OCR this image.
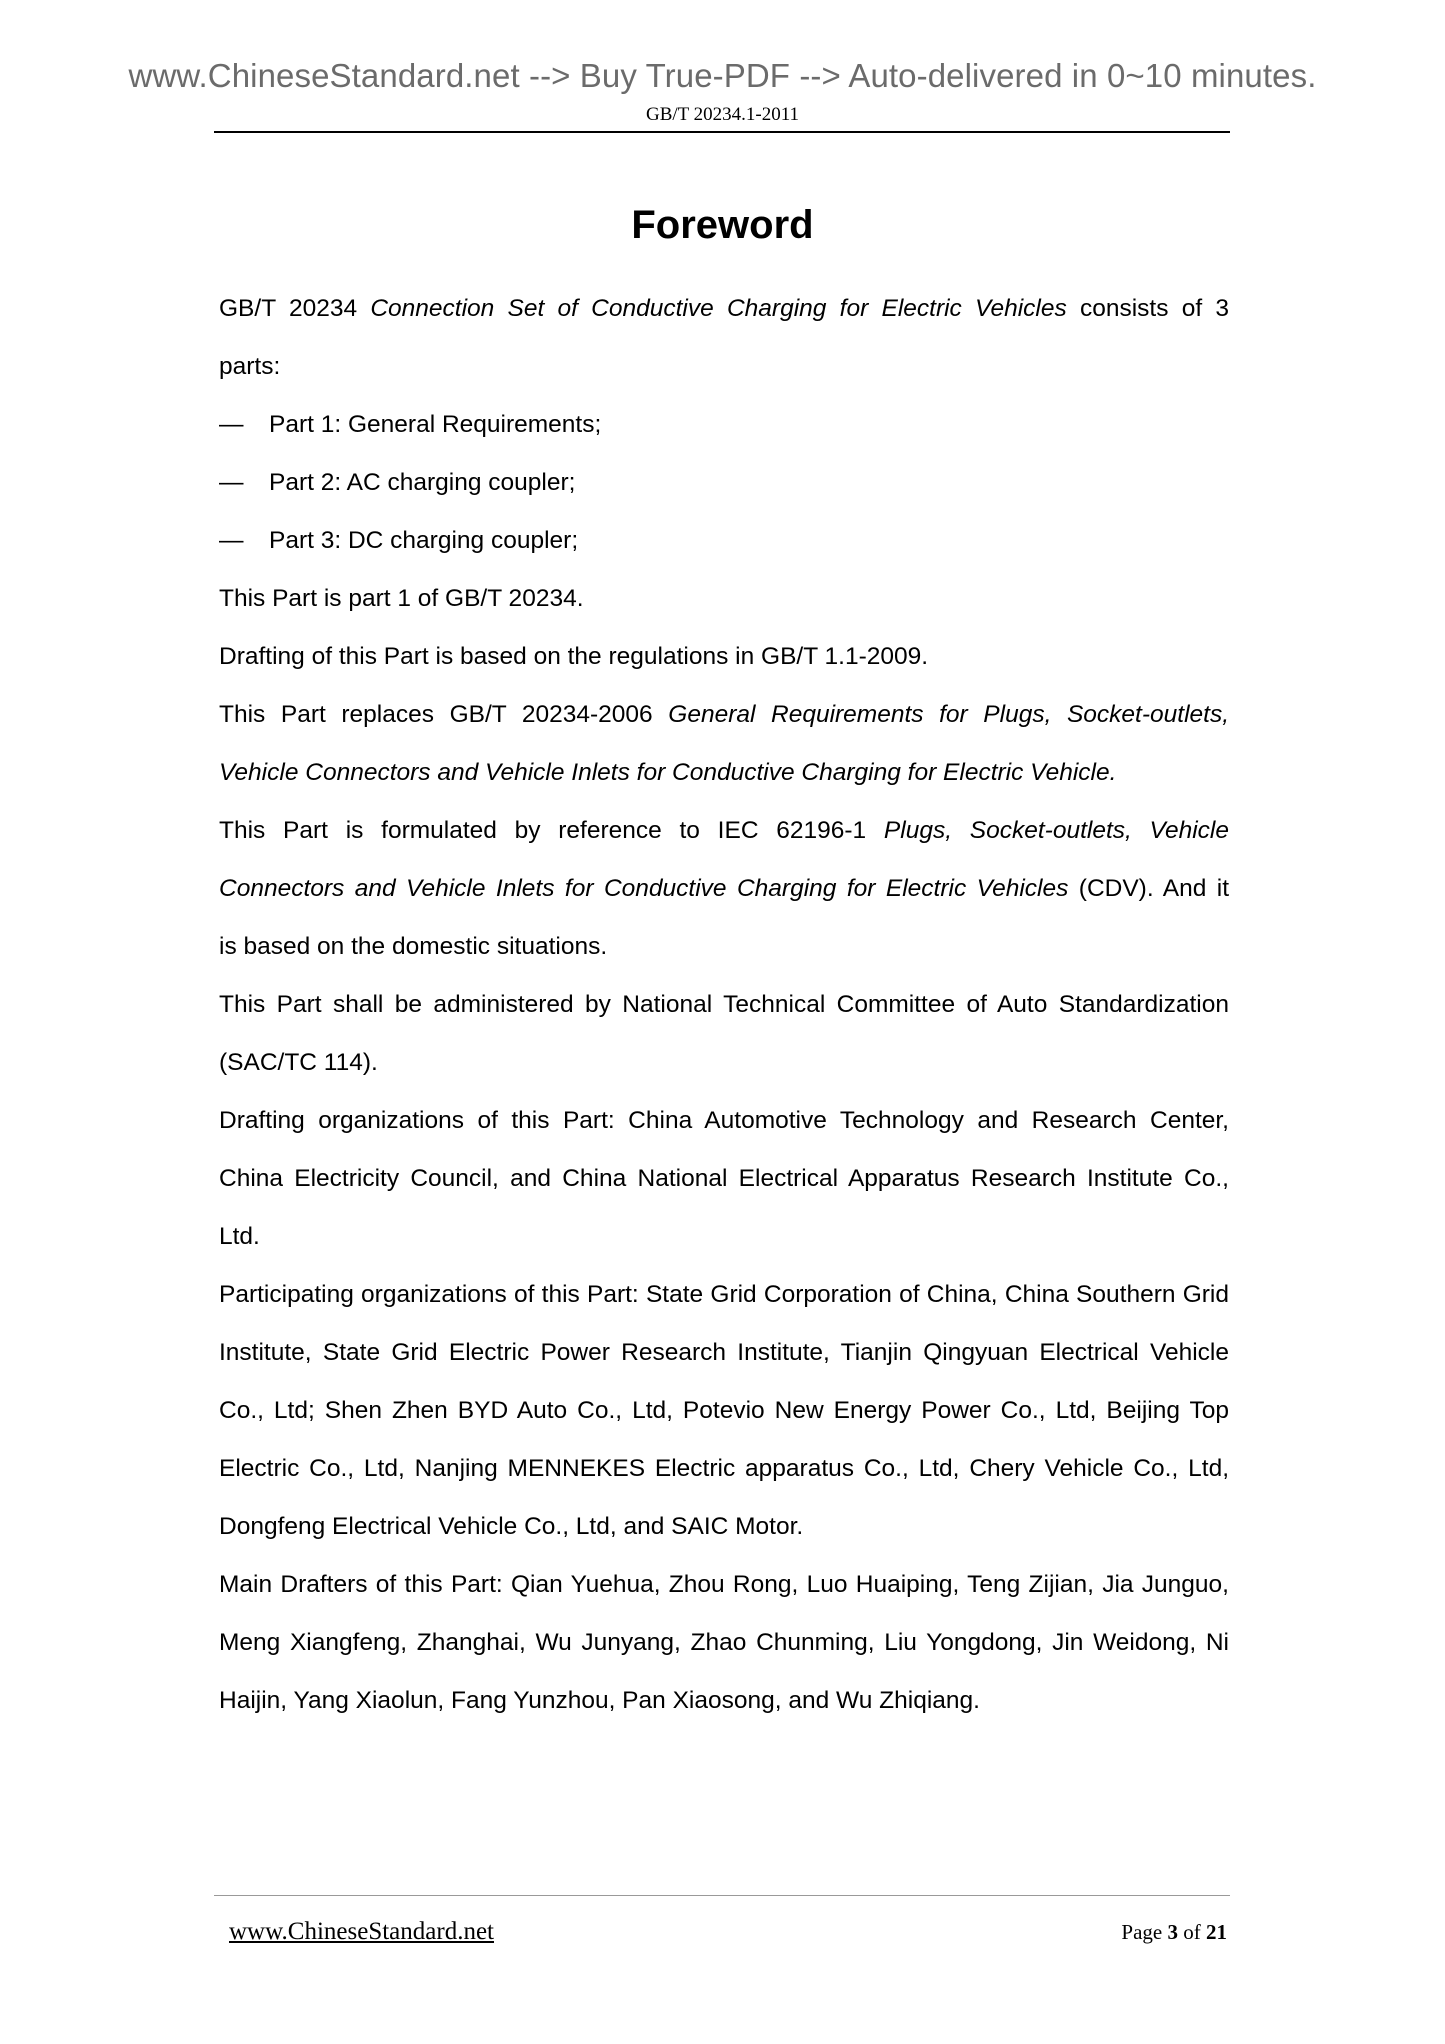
www.ChineseStandard.net --> Buy True-PDF --> Auto-delivered in 0~10 minutes.
GB/T 20234.1-2011
Foreword

GB/T 20234 Connection Set of Conductive Charging for Electric Vehicles consists of 3

parts:

— Part 1: General Requirements;

— Part 2: AC charging coupler;

— Part 3: DC charging coupler;

This Part is part 1 of GB/T 20234.

Drafting of this Part is based on the regulations in GB/T 1.1-2009.

This Part replaces GB/T 20234-2006 General Requirements for Plugs, Socket-outlets,

Vehicle Connectors and Vehicle Inlets for Conductive Charging for Electric Vehicle.

This Part is formulated by reference to IEC 62196-1 Plugs, Socket-outlets, Vehicle

Connectors and Vehicle Inlets for Conductive Charging for Electric Vehicles (CDV). And it

is based on the domestic situations.

This Part shall be administered by National Technical Committee of Auto Standardization (SAC/TC 114).

Drafting organizations of this Part: China Automotive Technology and Research Center, China Electricity Council, and China National Electrical Apparatus Research Institute Co., Ltd.

Participating organizations of this Part: State Grid Corporation of China, China Southern Grid Institute, State Grid Electric Power Research Institute, Tianjin Qingyuan Electrical Vehicle Co., Ltd; Shen Zhen BYD Auto Co., Ltd, Potevio New Energy Power Co., Ltd, Beijing Top Electric Co., Ltd, Nanjing MENNEKES Electric apparatus Co., Ltd, Chery Vehicle Co., Ltd, Dongfeng Electrical Vehicle Co., Ltd, and SAIC Motor.

Main Drafters of this Part: Qian Yuehua, Zhou Rong, Luo Huaiping, Teng Zijian, Jia Junguo, Meng Xiangfeng, Zhanghai, Wu Junyang, Zhao Chunming, Liu Yongdong, Jin Weidong, Ni Haijin, Yang Xiaolun, Fang Yunzhou, Pan Xiaosong, and Wu Zhiqiang.

www.ChineseStandard.net	Page 3 of 21
